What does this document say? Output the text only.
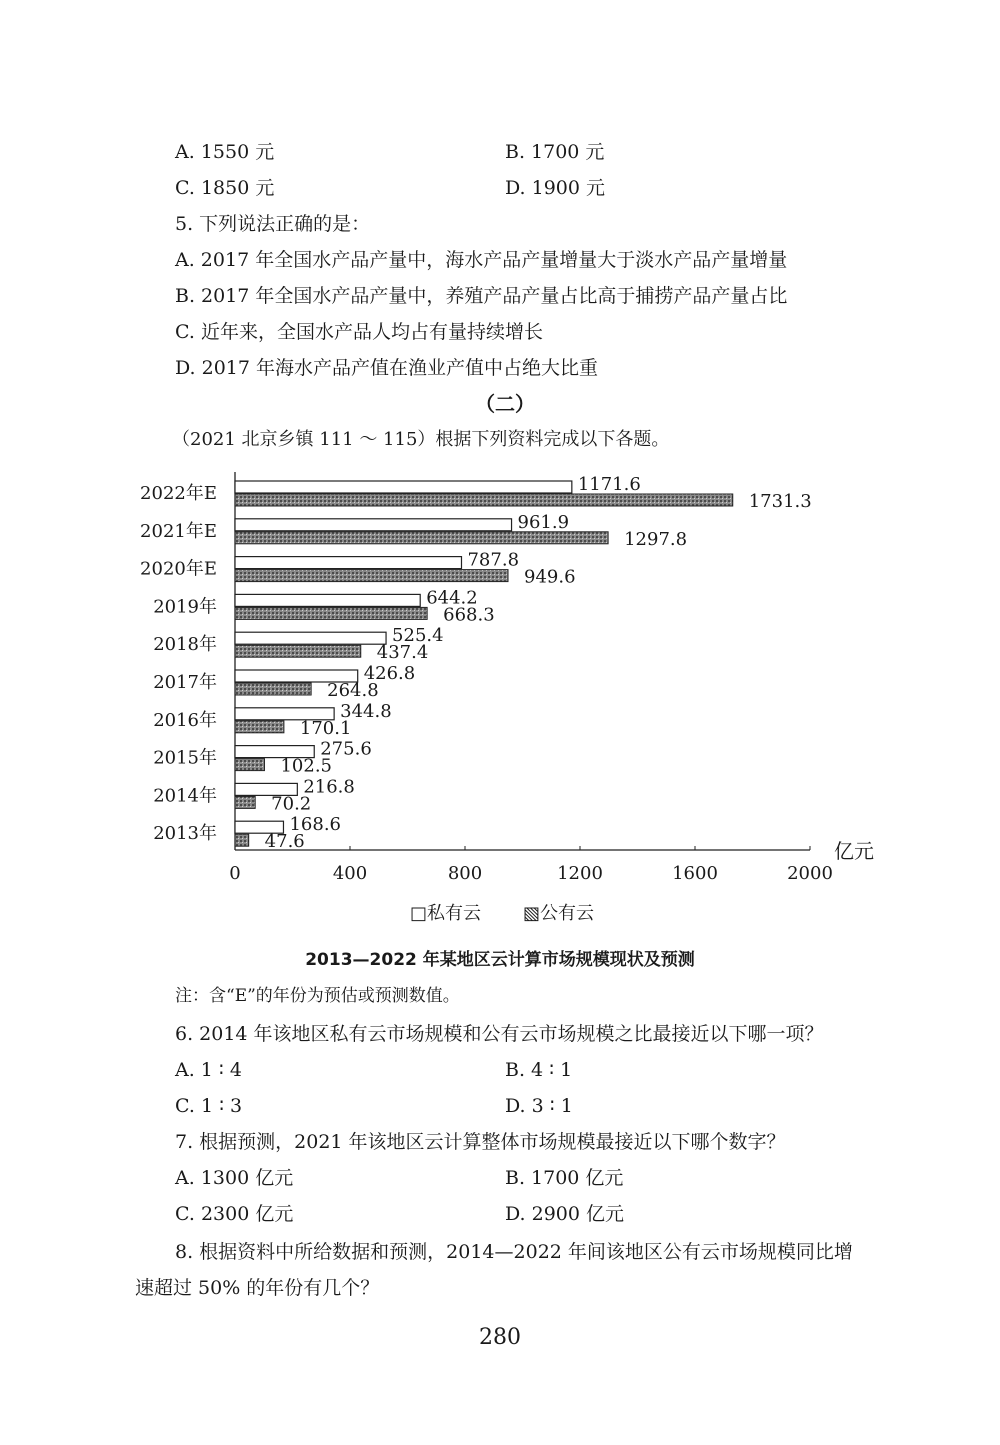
A. 1550 元	B. 1700 元
C. 1850 元	D. 1900 元
5. 下列说法正确的是：
A. 2017 年全国水产品产量中，海水产品产量增量大于淡水产品产量增量
B. 2017 年全国水产品产量中，养殖产品产量占比高于捕捞产品产量占比
C. 近年来，全国水产品人均占有量持续增长
D. 2017 年海水产品产值在渔业产值中占绝大比重
（二）
（2021 北京乡镇 111 ～ 115）根据下列资料完成以下各题。
0	400	800	1200	1600	2000
亿元
2022年E	1171.6
1731.3
2021年E	961.9
1297.8
2020年E	787.8
949.6
2019年	644.2
668.3
2018年	525.4
437.4
2017年	426.8
264.8
2016年	344.8
170.1
2015年	275.6
102.5
2014年	216.8
70.2
2013年	168.6
47.6
□私有云 ▧公有云
2013—2022 年某地区云计算市场规模现状及预测
注：含“E”的年份为预估或预测数值。
6. 2014 年该地区私有云市场规模和公有云市场规模之比最接近以下哪一项？
A. 1 ∶ 4	B. 4 ∶ 1
C. 1 ∶ 3	D. 3 ∶ 1
7. 根据预测，2021 年该地区云计算整体市场规模最接近以下哪个数字？
A. 1300 亿元	B. 1700 亿元
C. 2300 亿元	D. 2900 亿元
8. 根据资料中所给数据和预测，2014—2022 年间该地区公有云市场规模同比增
速超过 50% 的年份有几个？
280
